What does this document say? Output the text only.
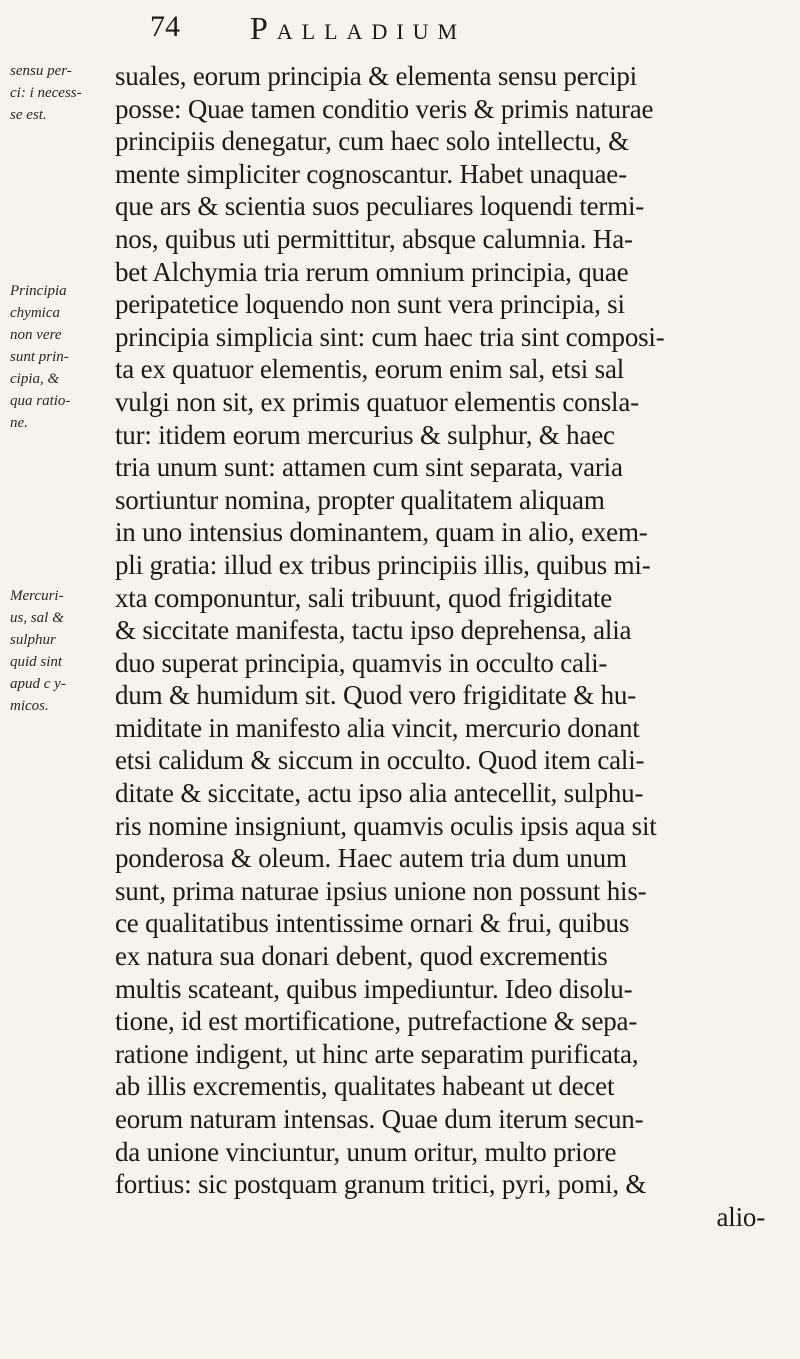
74 Palladium
sensu per-
ci: i necess-
se est.
Principia
chymica
non vere
sunt prin-
cipia, &
qua ratio-
ne.
Mercuri-
us, sal &
sulphur
quid sint
apud c y-
micos.
suales, eorum principia & elementa sensu percipi
posse: Quae tamen conditio veris & primis naturae
principiis denegatur, cum haec solo intellectu, &
mente simpliciter cognoscantur. Habet unaquae-
que ars & scientia suos peculiares loquendi termi-
nos, quibus uti permittitur, absque calumnia. Ha-
bet Alchymia tria rerum omnium principia, quae
peripatetice loquendo non sunt vera principia, si
principia simplicia sint: cum haec tria sint composi-
ta ex quatuor elementis, eorum enim sal, etsi sal
vulgi non sit, ex primis quatuor elementis consla-
tur: itidem eorum mercurius & sulphur, & haec
tria unum sunt: attamen cum sint separata, varia
sortiuntur nomina, propter qualitatem aliquam
in uno intensius dominantem, quam in alio, exem-
pli gratia: illud ex tribus principiis illis, quibus mi-
xta componuntur, sali tribuunt, quod frigiditate
& siccitate manifesta, tactu ipso deprehensa, alia
duo superat principia, quamvis in occulto cali-
dum & humidum sit. Quod vero frigiditate & hu-
miditate in manifesto alia vincit, mercurio donant
etsi calidum & siccum in occulto. Quod item cali-
ditate & siccitate, actu ipso alia antecellit, sulphu-
ris nomine insigniunt, quamvis oculis ipsis aqua sit
ponderosa & oleum. Haec autem tria dum unum
sunt, prima naturae ipsius unione non possunt his-
ce qualitatibus intentissime ornari & frui, quibus
ex natura sua donari debent, quod excrementis
multis scateant, quibus impediuntur. Ideo disolu-
tione, id est mortificatione, putrefactione & sepa-
ratione indigent, ut hinc arte separatim purificata,
ab illis excrementis, qualitates habeant ut decet
eorum naturam intensas. Quae dum iterum secun-
da unione vinciuntur, unum oritur, multo priore
fortius: sic postquam granum tritici, pyri, pomi, &
alio-
